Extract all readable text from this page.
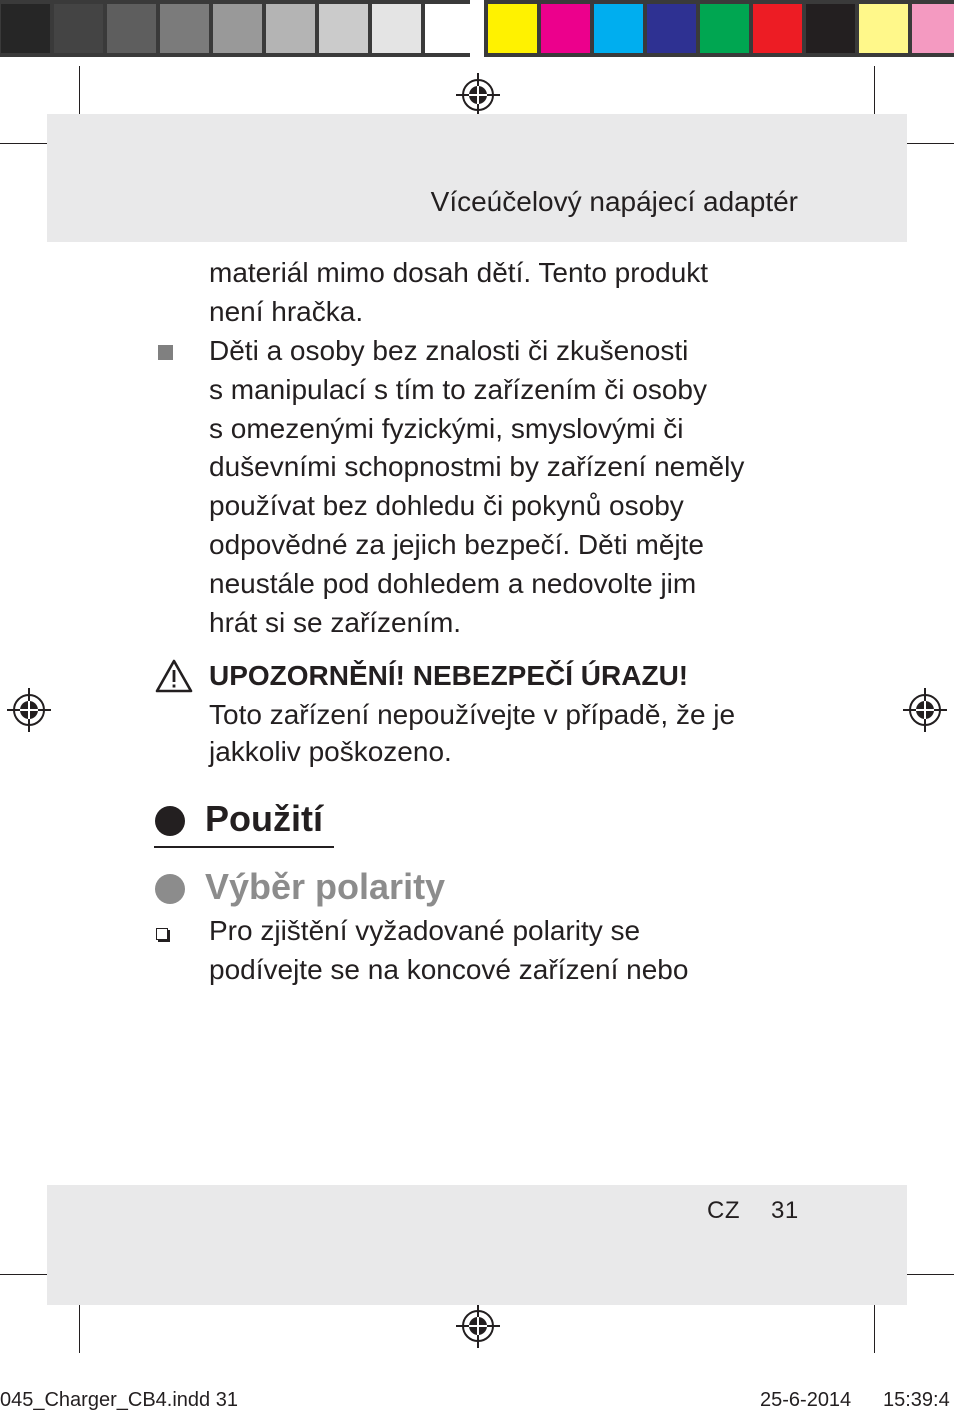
Víceúčelový napájecí adaptér
materiál mimo dosah dětí. Tento produkt
není hračka.
Děti a osoby bez znalosti či zkušenosti
s manipulací s tím to zařízením či osoby
s omezenými fyzickými, smyslovými či
duševními schopnostmi by zařízení neměly
používat bez dohledu či pokynů osoby
odpovědné za jejich bezpečí. Děti mějte
neustále pod dohledem a nedovolte jim
hrát si se zařízením.
UPOZORNĚNÍ! NEBEZPEČÍ ÚRAZU!
Toto zařízení nepoužívejte v případě, že je
jakkoliv poškozeno.
Použití
Výběr polarity
Pro zjištění vyžadované polarity se
podívejte se na koncové zařízení nebo
CZ 31
045_Charger_CB4.indd 31	25-6-2014 15:39:4
